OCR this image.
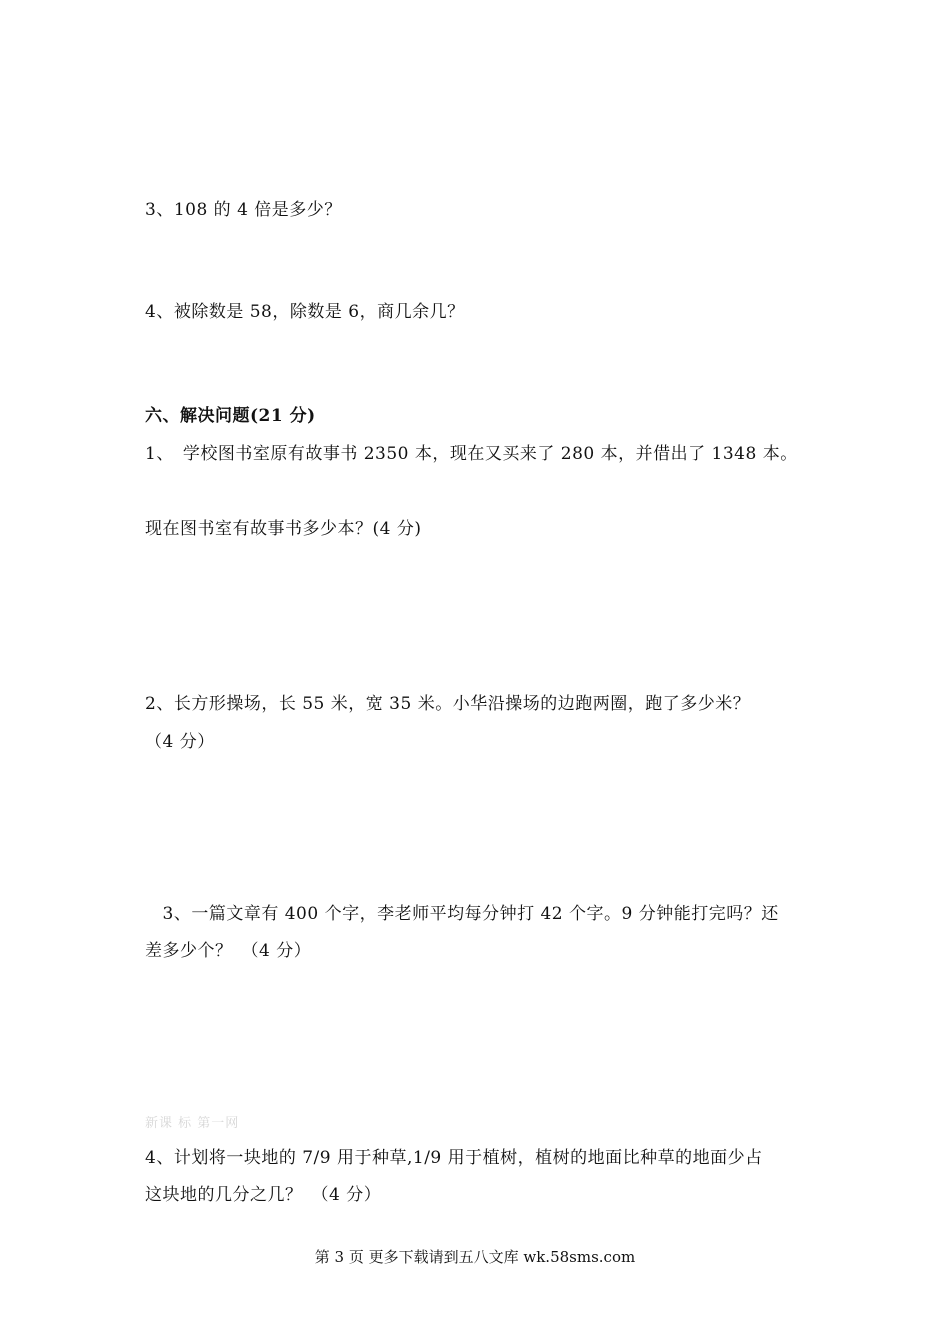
3、108 的 4 倍是多少？
4、被除数是 58，除数是 6，商几余几？
六、解决问题(21 分)
1、　学校图书室原有故事书 2350 本，现在又买来了 280 本，并借出了 1348 本。
现在图书室有故事书多少本？(4 分)
2、长方形操场，长 55 米，宽 35 米。小华沿操场的边跑两圈，跑了多少米？
（4 分）
　3、一篇文章有 400 个字，李老师平均每分钟打 42 个字。9 分钟能打完吗？还
差多少个？　（4 分）
新课 标 第一网
4、计划将一块地的 7/9 用于种草,1/9 用于植树，植树的地面比种草的地面少占
这块地的几分之几？　（4 分）
第 3 页 更多下载请到五八文库 wk.58sms.com
